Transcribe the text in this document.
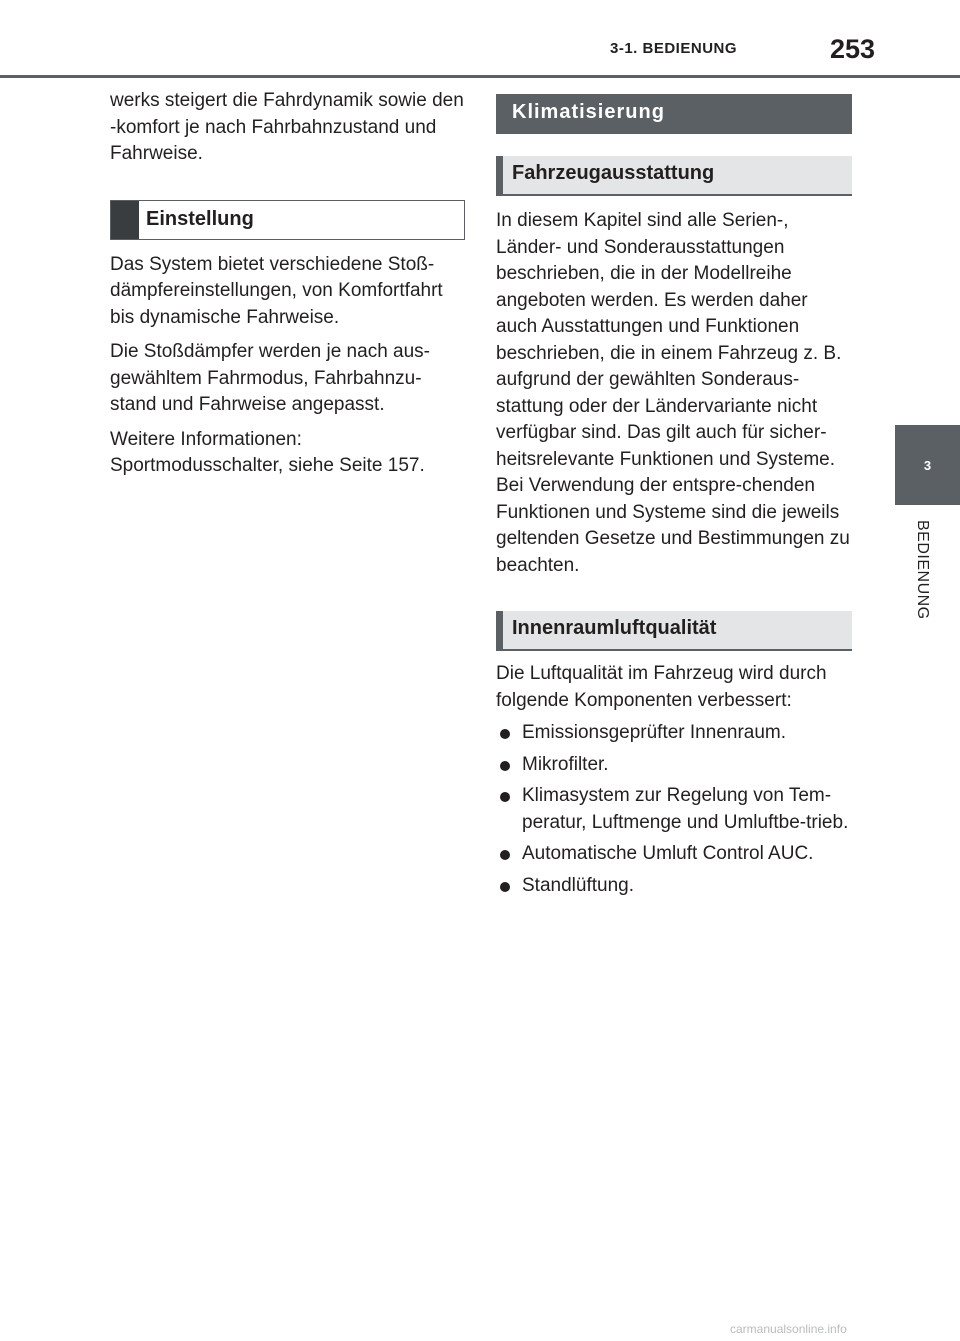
3-1. BEDIENUNG	253
3
BEDIENUNG

werks steigert die Fahrdynamik sowie den -komfort je nach Fahrbahnzustand und Fahrweise.

Einstellung

Das System bietet verschiedene Stoß-dämpfereinstellungen, von Komfortfahrt bis dynamische Fahrweise.

Die Stoßdämpfer werden je nach aus-gewähltem Fahrmodus, Fahrbahnzu-stand und Fahrweise angepasst.

Weitere Informationen: Sportmodusschalter, siehe Seite 157.

Klimatisierung
Fahrzeugausstattung

In diesem Kapitel sind alle Serien-, Länder- und Sonderausstattungen beschrieben, die in der Modellreihe angeboten werden. Es werden daher auch Ausstattungen und Funktionen beschrieben, die in einem Fahrzeug z. B. aufgrund der gewählten Sonderaus-stattung oder der Ländervariante nicht verfügbar sind. Das gilt auch für sicher-heitsrelevante Funktionen und Systeme. Bei Verwendung der entspre-chenden Funktionen und Systeme sind die jeweils geltenden Gesetze und Bestimmungen zu beachten.

Innenraumluftqualität

Die Luftqualität im Fahrzeug wird durch folgende Komponenten verbessert:

Emissionsgeprüfter Innenraum.
Mikrofilter.
Klimasystem zur Regelung von Tem-peratur, Luftmenge und Umluftbe-trieb.
Automatische Umluft Control AUC.
Standlüftung.
carmanualsonline.info
